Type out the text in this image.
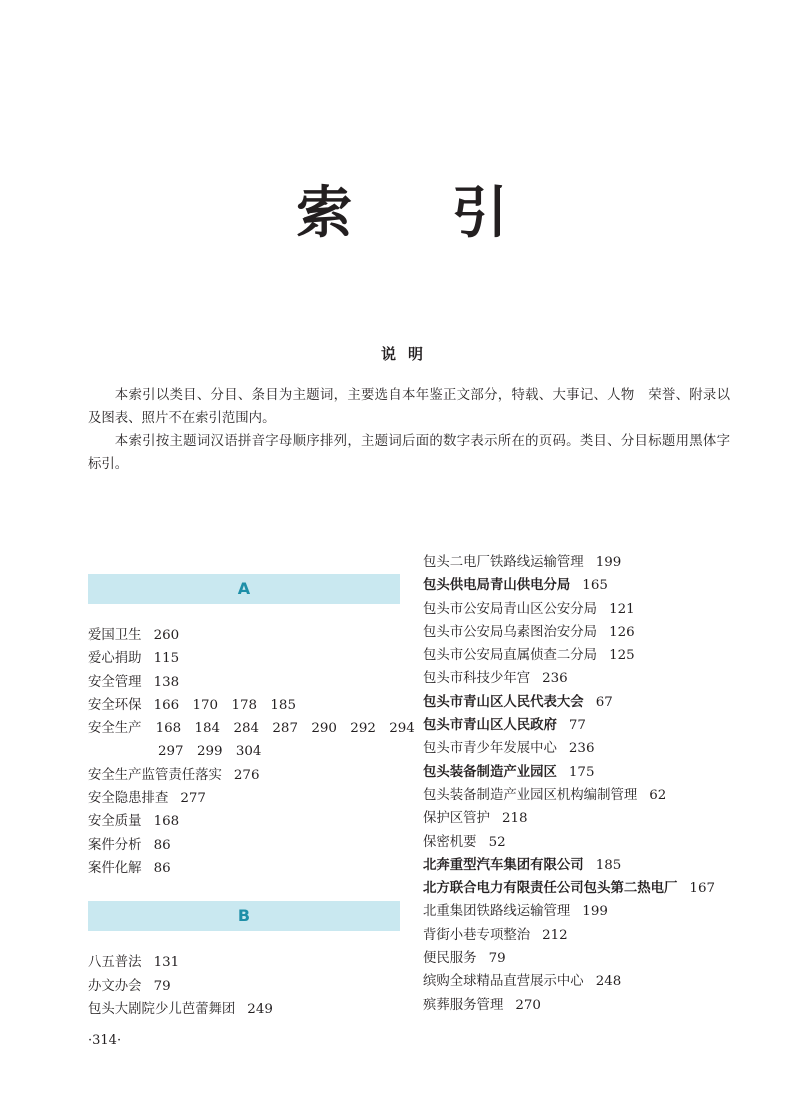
索 引
说明

本索引以类目、分目、条目为主题词，主要选自本年鉴正文部分，特载、大事记、人物　荣誉、附录以及图表、照片不在索引范围内。

本索引按主题词汉语拼音字母顺序排列，主题词后面的数字表示所在的页码。类目、分目标题用黑体字标引。

A
爱国卫生 260
爱心捐助 115
安全管理 138
安全环保 166　170　178　185
安全生产 168　184　284　287　290　292　294
297　299　304
安全生产监管责任落实 276
安全隐患排查 277
安全质量 168
案件分析 86
案件化解 86
B
八五普法 131
办文办会 79
包头大剧院少儿芭蕾舞团 249
包头二电厂铁路线运输管理 199
包头供电局青山供电分局 165
包头市公安局青山区公安分局 121
包头市公安局乌素图治安分局 126
包头市公安局直属侦查二分局 125
包头市科技少年宫 236
包头市青山区人民代表大会 67
包头市青山区人民政府 77
包头市青少年发展中心 236
包头装备制造产业园区 175
包头装备制造产业园区机构编制管理 62
保护区管护 218
保密机要 52
北奔重型汽车集团有限公司 185
北方联合电力有限责任公司包头第二热电厂 167
北重集团铁路线运输管理 199
背街小巷专项整治 212
便民服务 79
缤购全球精品直营展示中心 248
殡葬服务管理 270
·314·
